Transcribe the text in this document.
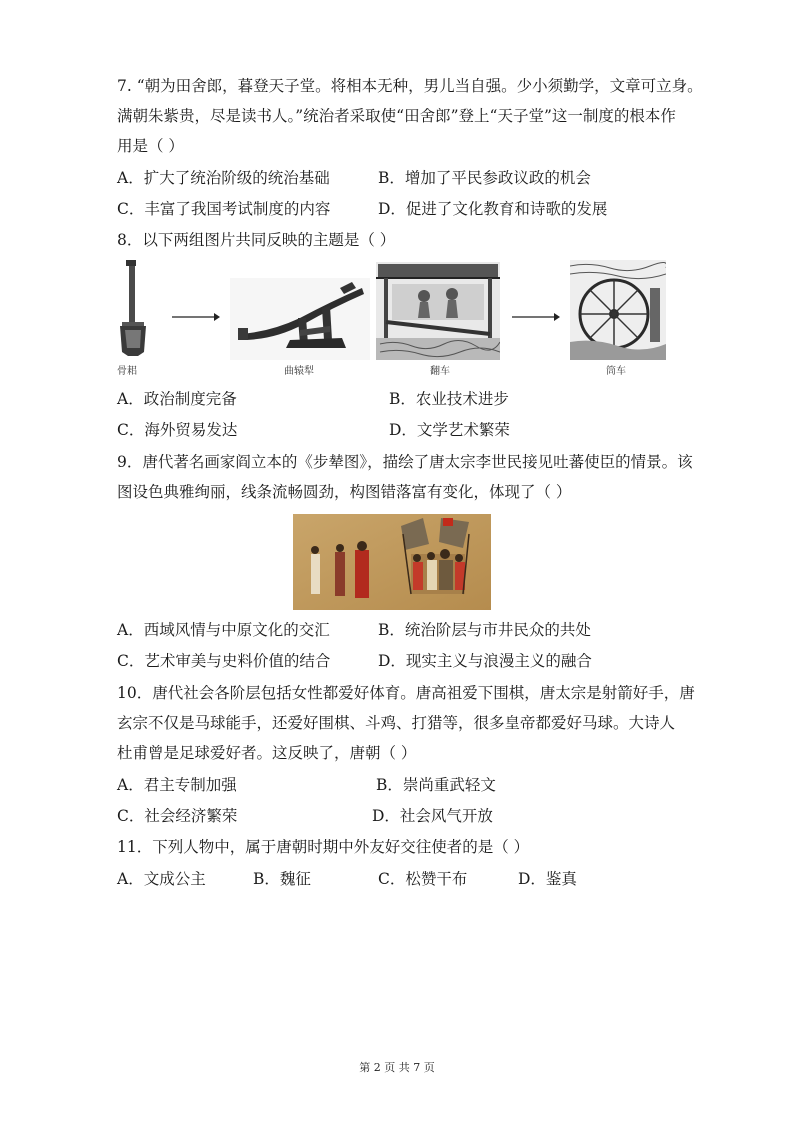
7. “朝为田舍郎，暮登天子堂。将相本无种，男儿当自强。少小须勤学，文章可立身。
满朝朱紫贵，尽是读书人。”统治者采取使“田舍郎”登上“天子堂”这一制度的根本作
用是（ ）
A．扩大了统治阶级的统治基础	B．增加了平民参政议政的机会
C．丰富了我国考试制度的内容	D．促进了文化教育和诗歌的发展
8．以下两组图片共同反映的主题是（ ）
骨耜	曲辕犁	翻车	筒车
A．政治制度完备	B．农业技术进步
C．海外贸易发达	D．文学艺术繁荣
9．唐代著名画家阎立本的《步辇图》，描绘了唐太宗李世民接见吐蕃使臣的情景。该
图设色典雅绚丽，线条流畅圆劲，构图错落富有变化，体现了（ ）
A．西域风情与中原文化的交汇	B．统治阶层与市井民众的共处
C．艺术审美与史料价值的结合	D．现实主义与浪漫主义的融合
10．唐代社会各阶层包括女性都爱好体育。唐高祖爱下围棋，唐太宗是射箭好手，唐
玄宗不仅是马球能手，还爱好围棋、斗鸡、打猎等，很多皇帝都爱好马球。大诗人
杜甫曾是足球爱好者。这反映了，唐朝（ ）
A．君主专制加强	B．崇尚重武轻文
C．社会经济繁荣	D．社会风气开放
11．下列人物中，属于唐朝时期中外友好交往使者的是（ ）
A．文成公主	B．魏征	C．松赞干布	D．鉴真
第 2 页 共 7 页
